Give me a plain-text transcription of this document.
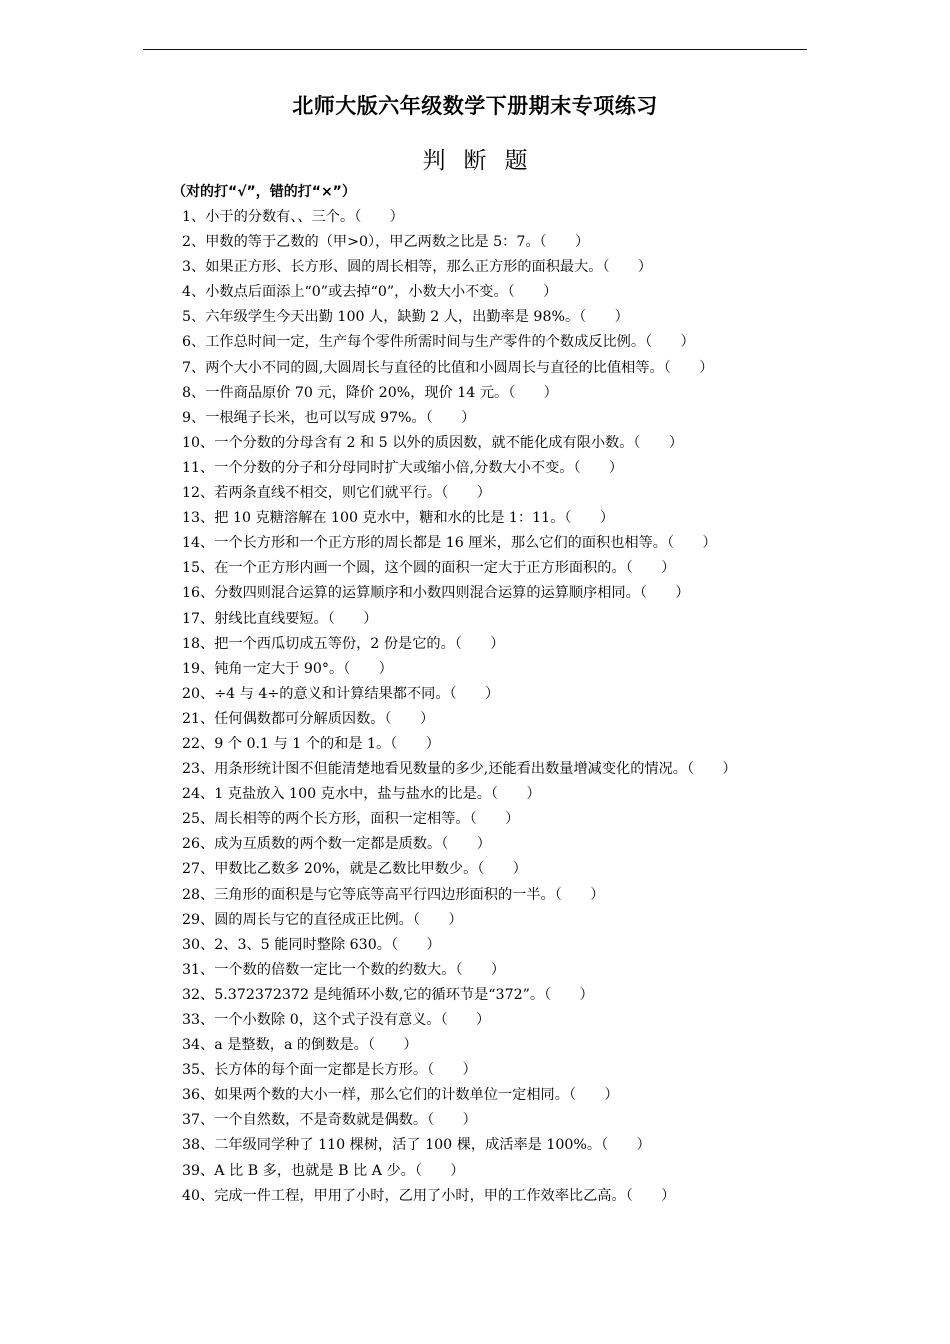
北师大版六年级数学下册期末专项练习
判断题
（对的打“√”，错的打“×”）
1、小于的分数有、、三个。（　　）
2、甲数的等于乙数的（甲>0），甲乙两数之比是 5：7。（　　）
3、如果正方形、长方形、圆的周长相等，那么正方形的面积最大。（　　）
4、小数点后面添上“0”或去掉“0”，小数大小不变。（　　）
5、六年级学生今天出勤 100 人，缺勤 2 人，出勤率是 98%。（　　）
6、工作总时间一定，生产每个零件所需时间与生产零件的个数成反比例。（　　）
7、两个大小不同的圆,大圆周长与直径的比值和小圆周长与直径的比值相等。（　　）
8、一件商品原价 70 元，降价 20%，现价 14 元。（　　）
9、一根绳子长米，也可以写成 97%。（　　）
10、一个分数的分母含有 2 和 5 以外的质因数，就不能化成有限小数。（　　）
11、一个分数的分子和分母同时扩大或缩小倍,分数大小不变。（　　）
12、若两条直线不相交，则它们就平行。（　　）
13、把 10 克糖溶解在 100 克水中，糖和水的比是 1：11。（　　）
14、一个长方形和一个正方形的周长都是 16 厘米，那么它们的面积也相等。（　　）
15、在一个正方形内画一个圆，这个圆的面积一定大于正方形面积的。（　　）
16、分数四则混合运算的运算顺序和小数四则混合运算的运算顺序相同。（　　）
17、射线比直线要短。（　　）
18、把一个西瓜切成五等份，2 份是它的。（　　）
19、钝角一定大于 90°。（　　）
20、÷4 与 4÷的意义和计算结果都不同。（　　）
21、任何偶数都可分解质因数。（　　）
22、9 个 0.1 与 1 个的和是 1。（　　）
23、用条形统计图不但能清楚地看见数量的多少,还能看出数量增减变化的情况。（　　）
24、1 克盐放入 100 克水中，盐与盐水的比是。（　　）
25、周长相等的两个长方形，面积一定相等。（　　）
26、成为互质数的两个数一定都是质数。（　　）
27、甲数比乙数多 20%，就是乙数比甲数少。（　　）
28、三角形的面积是与它等底等高平行四边形面积的一半。（　　）
29、圆的周长与它的直径成正比例。（　　）
30、2、3、5 能同时整除 630。（　　）
31、一个数的倍数一定比一个数的约数大。（　　）
32、5.372372372 是纯循环小数,它的循环节是“372”。（　　）
33、一个小数除 0，这个式子没有意义。（　　）
34、a 是整数，a 的倒数是。（　　）
35、长方体的每个面一定都是长方形。（　　）
36、如果两个数的大小一样，那么它们的计数单位一定相同。（　　）
37、一个自然数，不是奇数就是偶数。（　　）
38、二年级同学种了 110 棵树，活了 100 棵，成活率是 100%。（　　）
39、A 比 B 多，也就是 B 比 A 少。（　　）
40、完成一件工程，甲用了小时，乙用了小时，甲的工作效率比乙高。（　　）
